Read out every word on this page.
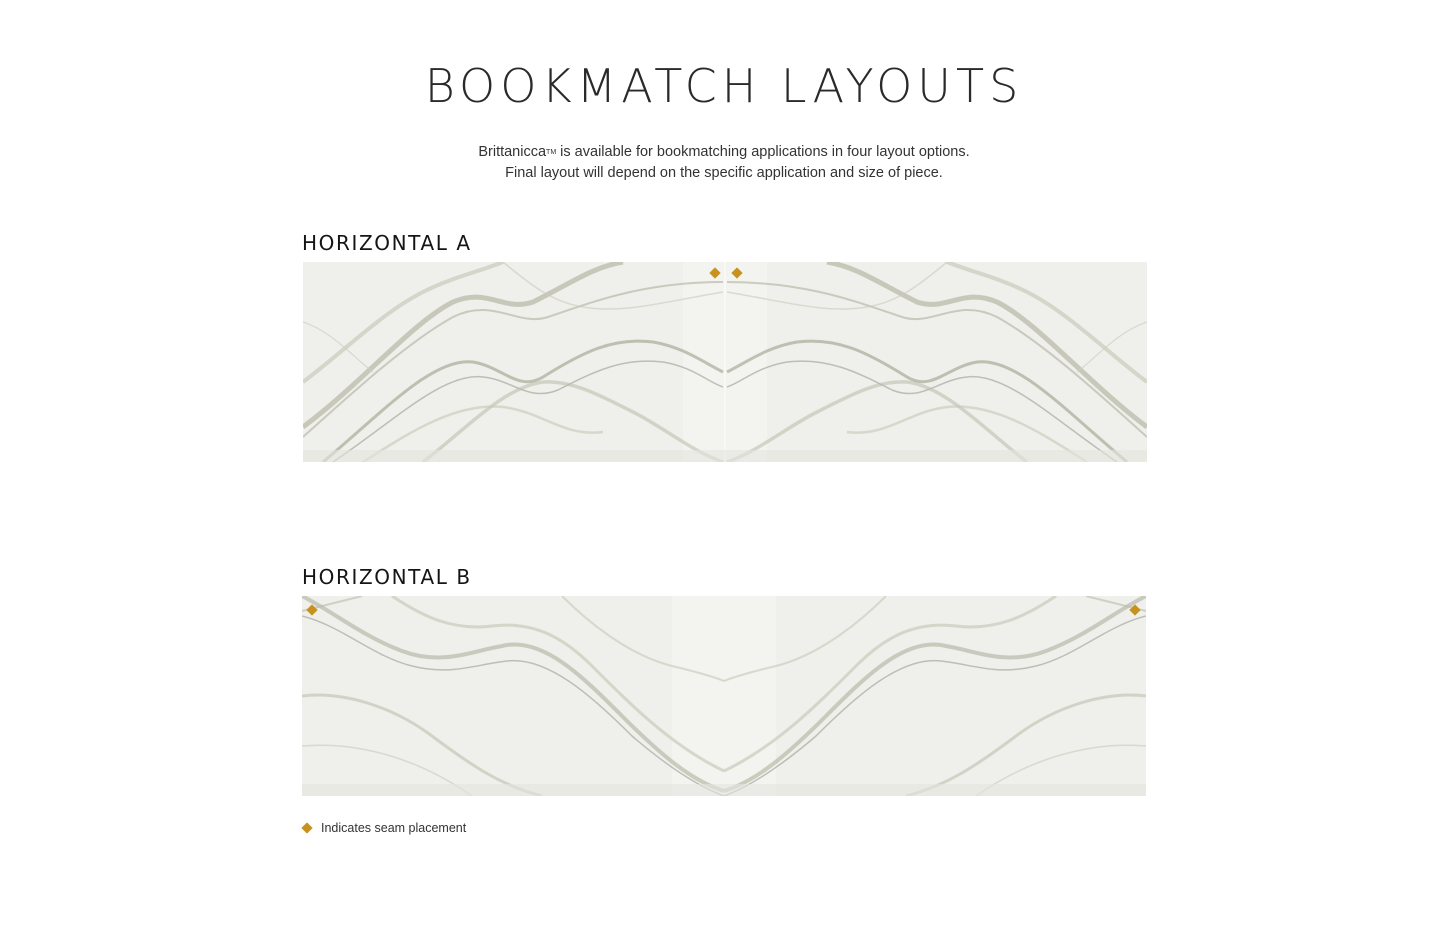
BOOKMATCH LAYOUTS
BrittaniccaTM is available for bookmatching applications in four layout options.
Final layout will depend on the specific application and size of piece.
HORIZONTAL A
HORIZONTAL B
Indicates seam placement
